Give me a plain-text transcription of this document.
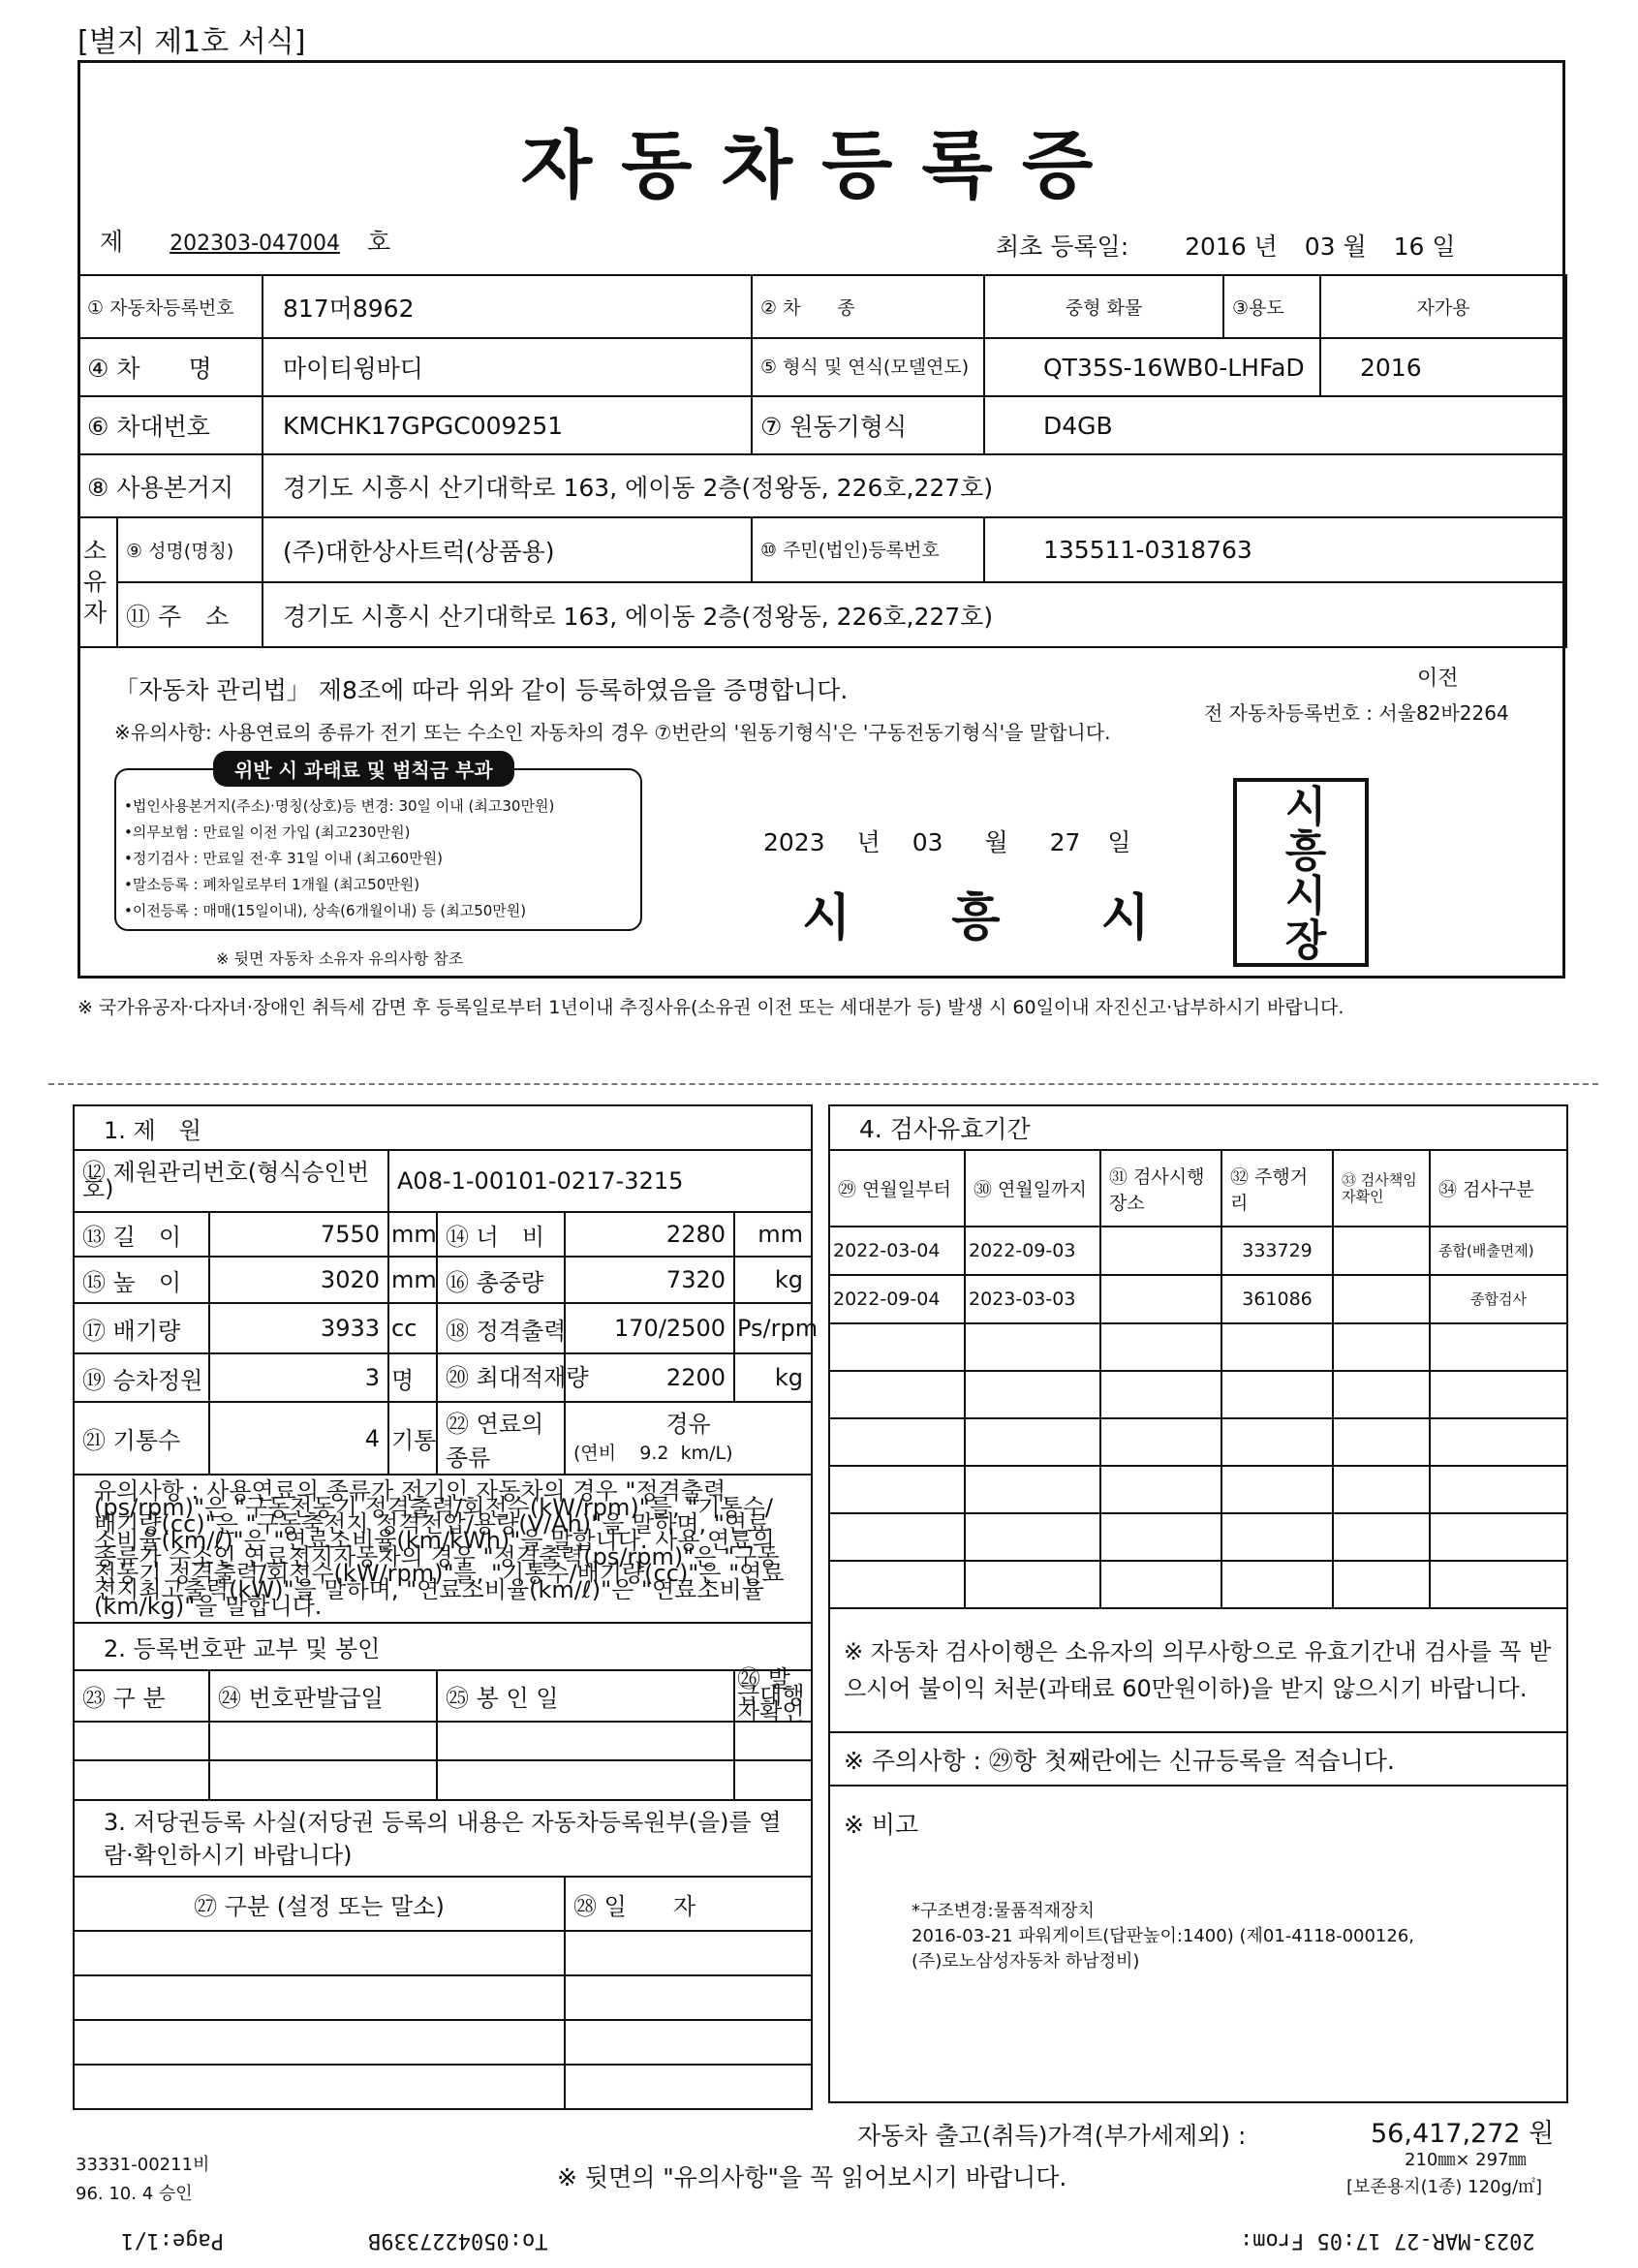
[별지 제1호 서식]
자동차등록증
제 202303-047004 호	최초 등록일: 2016 년 03 월 16 일
① 자동차등록번호		817머8962	② 차　　종	중형 화물	③용도	자가용
④ 차　　명		마이티윙바디	⑤ 형식 및 연식(모델연도)	QT35S-16WB0-LHFaD		2016
⑥ 차대번호		KMCHK17GPGC009251	⑦ 원동기형식	D4GB		
⑧ 사용본거지		경기도 시흥시 산기대학로 163, 에이동 2층(정왕동, 226호,227호)				
소유자	⑨ 성명(명칭)	(주)대한상사트럭(상품용)	⑩ 주민(법인)등록번호	135511-0318763		
	⑪ 주　소	경기도 시흥시 산기대학로 163, 에이동 2층(정왕동, 226호,227호)				
「자동차 관리법」 제8조에 따라 위와 같이 등록하였음을 증명합니다.
※유의사항: 사용연료의 종류가 전기 또는 수소인 자동차의 경우 ⑦번란의 '원동기형식'은 '구동전동기형식'을 말합니다.
이전
전 자동차등록번호 : 서울82바2264
위반 시 과태료 및 범칙금 부과
•법인사용본거지(주소)·명칭(상호)등 변경: 30일 이내 (최고30만원)
•의무보험 : 만료일 이전 가입 (최고230만원)
•정기검사 : 만료일 전·후 31일 이내 (최고60만원)
•말소등록 : 폐차일로부터 1개월 (최고50만원)
•이전등록 : 매매(15일이내), 상속(6개월이내) 등 (최고50만원)
※ 뒷면 자동차 소유자 유의사항 참조
2023 년 03 월 27 일
시　　흥　　시	시흥시장
※ 국가유공자·다자녀·장애인 취득세 감면 후 등록일로부터 1년이내 추징사유(소유권 이전 또는 세대분가 등) 발생 시 60일이내 자진신고·납부하시기 바랍니다.
1. 제　원					
⑫ 제원관리번호(형식승인번호)		A08-1-00101-0217-3215			
⑬ 길　이	7550	mm	⑭ 너　비	2280	mm
⑮ 높　이	3020	mm	⑯ 총중량	7320	kg
⑰ 배기량	3933	cc	⑱ 정격출력	170/2500	Ps/rpm
⑲ 승차정원	3	명	⑳ 최대적재량	2200	kg
㉑ 기통수	4	기통	㉒ 연료의 종류	경유
(연비 9.2 km/L)	

유의사항 : 사용연료의 종류가 전기인 자동차의 경우 "정격출력(ps/rpm)"은 "구동전동기 정격출력/회전수(kW/rpm)"를, "기통수/배기량(cc)"은 "구동축전지 정격전압/용량(V/Ah)"을 말하며, "연료소비율(km/ℓ)"은 "연료소비율(km/kWh)"을 말합니다. 사용 연료의 종류가 수소인 연료전지자동차의 경우 "정격출력(ps/rpm)"은 "구동전동기 정격출력/회전수(kW/rpm)"를, "기통수/배기량(cc)"은 "연료전지최고출력(kW)"을 말하며, "연료소비율(km/ℓ)"은 "연료소비율(km/kg)"을 말합니다.					
2. 등록번호판 교부 및 봉인					
㉓ 구 분	㉔ 번호판발급일		㉕ 봉 인 일		㉖ 발급대행자확인

3. 저당권등록 사실(저당권 등록의 내용은 자동차등록원부(을)를 열람·확인하시기 바랍니다)					
㉗ 구분 (설정 또는 말소)				㉘ 일　　자	

4. 검사유효기간					
㉙ 연월일부터	㉚ 연월일까지	㉛ 검사시행장소	㉜ 주행거리	㉝ 검사책임자확인	㉞ 검사구분
2022-03-04	2022-09-03		333729		종합(배출면제)
2022-09-04	2023-03-03		361086		종합검사

※ 자동차 검사이행은 소유자의 의무사항으로 유효기간내 검사를 꼭 받으시어 불이익 처분(과태료 60만원이하)을 받지 않으시기 바랍니다.					
※ 주의사항 : ㉙항 첫째란에는 신규등록을 적습니다.					

※ 비고
*구조변경:물품적재장치
2016-03-21 파워게이트(답판높이:1400) (제01-4118-000126,
(주)로노삼성자동차 하남정비)					
자동차 출고(취득)가격(부가세제외) :	56,417,272 원
33331-00211비
96. 10. 4 승인
※ 뒷면의 "유의사항"을 꼭 읽어보시기 바랍니다.
210㎜× 297㎜
[보존용지(1종) 120g/㎡]
Page:1/1	To:0504227339B	2023-MAR-27 17:05 From:
